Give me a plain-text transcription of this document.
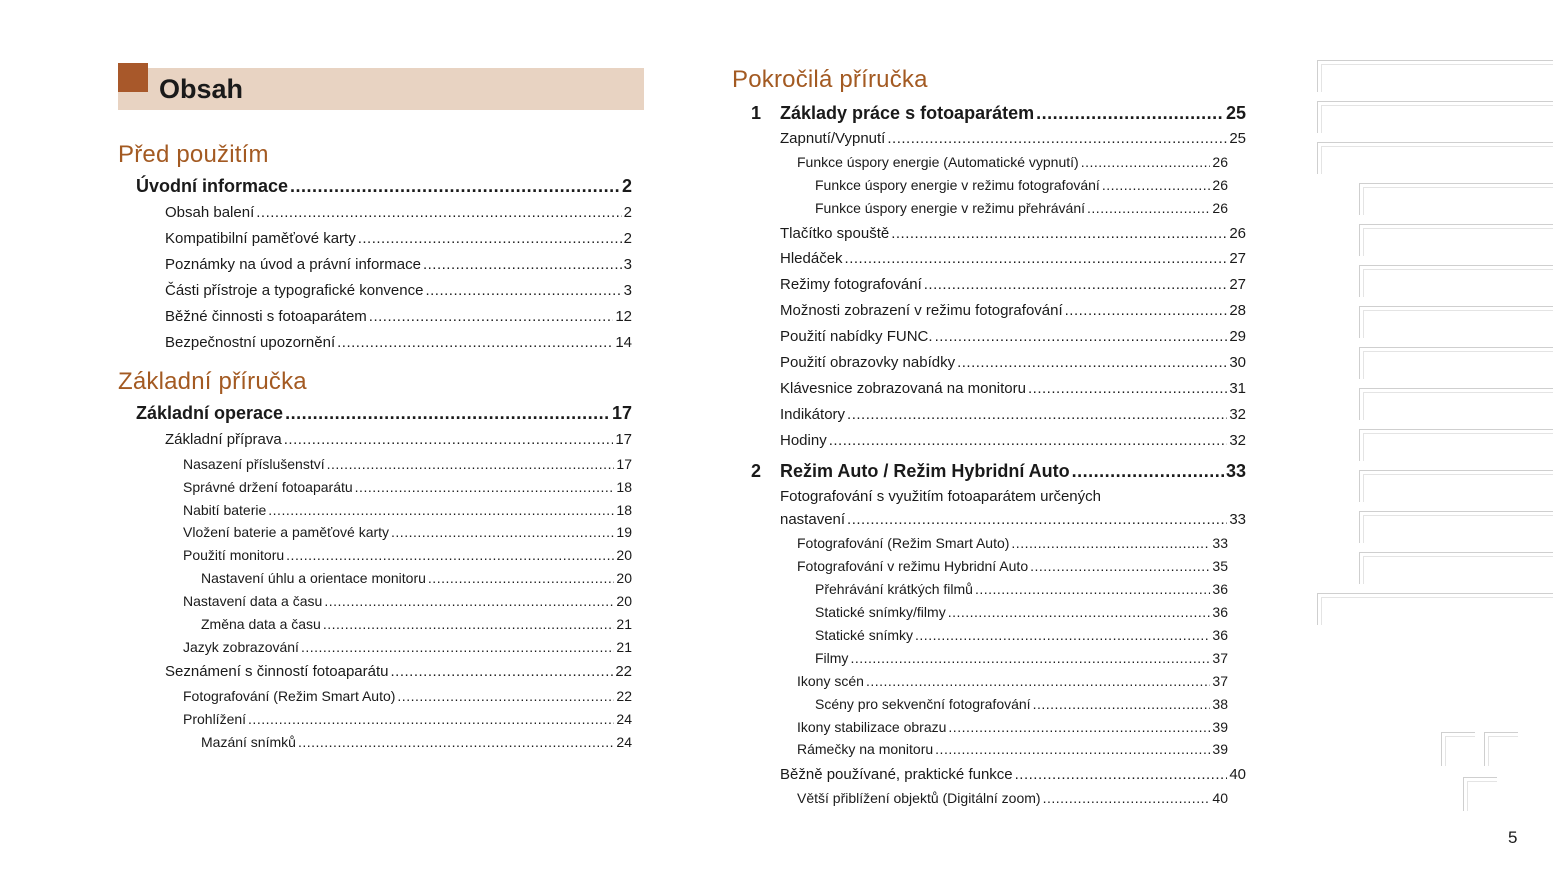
Obsah
Před použitím
Úvodní informace .....	2
Obsah balení .....	2
Kompatibilní paměťové karty .....	2
Poznámky na úvod a právní informace .....	3
Části přístroje a typografické konvence .....	3
Běžné činnosti s fotoaparátem .....	12
Bezpečnostní upozornění .....	14
Základní příručka
Základní operace .....	17
Základní příprava .....	17
Nasazení příslušenství .....	17
Správné držení fotoaparátu .....	18
Nabití baterie .....	18
Vložení baterie a paměťové karty .....	19
Použití monitoru .....	20
Nastavení úhlu a orientace monitoru .....	20
Nastavení data a času .....	20
Změna data a času .....	21
Jazyk zobrazování .....	21
Seznámení s činností fotoaparátu .....	22
Fotografování (Režim Smart Auto) .....	22
Prohlížení .....	24
Mazání snímků .....	24
Pokročilá příručka
1 Základy práce s fotoaparátem .....	25
Zapnutí/Vypnutí .....	25
Funkce úspory energie (Automatické vypnutí) .....	26
Funkce úspory energie v režimu fotografování .....	26
Funkce úspory energie v režimu přehrávání .....	26
Tlačítko spouště .....	26
Hledáček .....	27
Režimy fotografování .....	27
Možnosti zobrazení v režimu fotografování .....	28
Použití nabídky FUNC. .....	29
Použití obrazovky nabídky .....	30
Klávesnice zobrazovaná na monitoru .....	31
Indikátory .....	32
Hodiny .....	32
2 Režim Auto / Režim Hybridní Auto .....	33
Fotografování s využitím fotoaparátem určených
nastavení .....	33
Fotografování (Režim Smart Auto) .....	33
Fotografování v režimu Hybridní Auto .....	35
Přehrávání krátkých filmů .....	36
Statické snímky/filmy .....	36
Statické snímky .....	36
Filmy .....	37
Ikony scén .....	37
Scény pro sekvenční fotografování .....	38
Ikony stabilizace obrazu .....	39
Rámečky na monitoru .....	39
Běžně používané, praktické funkce .....	40
Větší přiblížení objektů (Digitální zoom) .....	40
5
